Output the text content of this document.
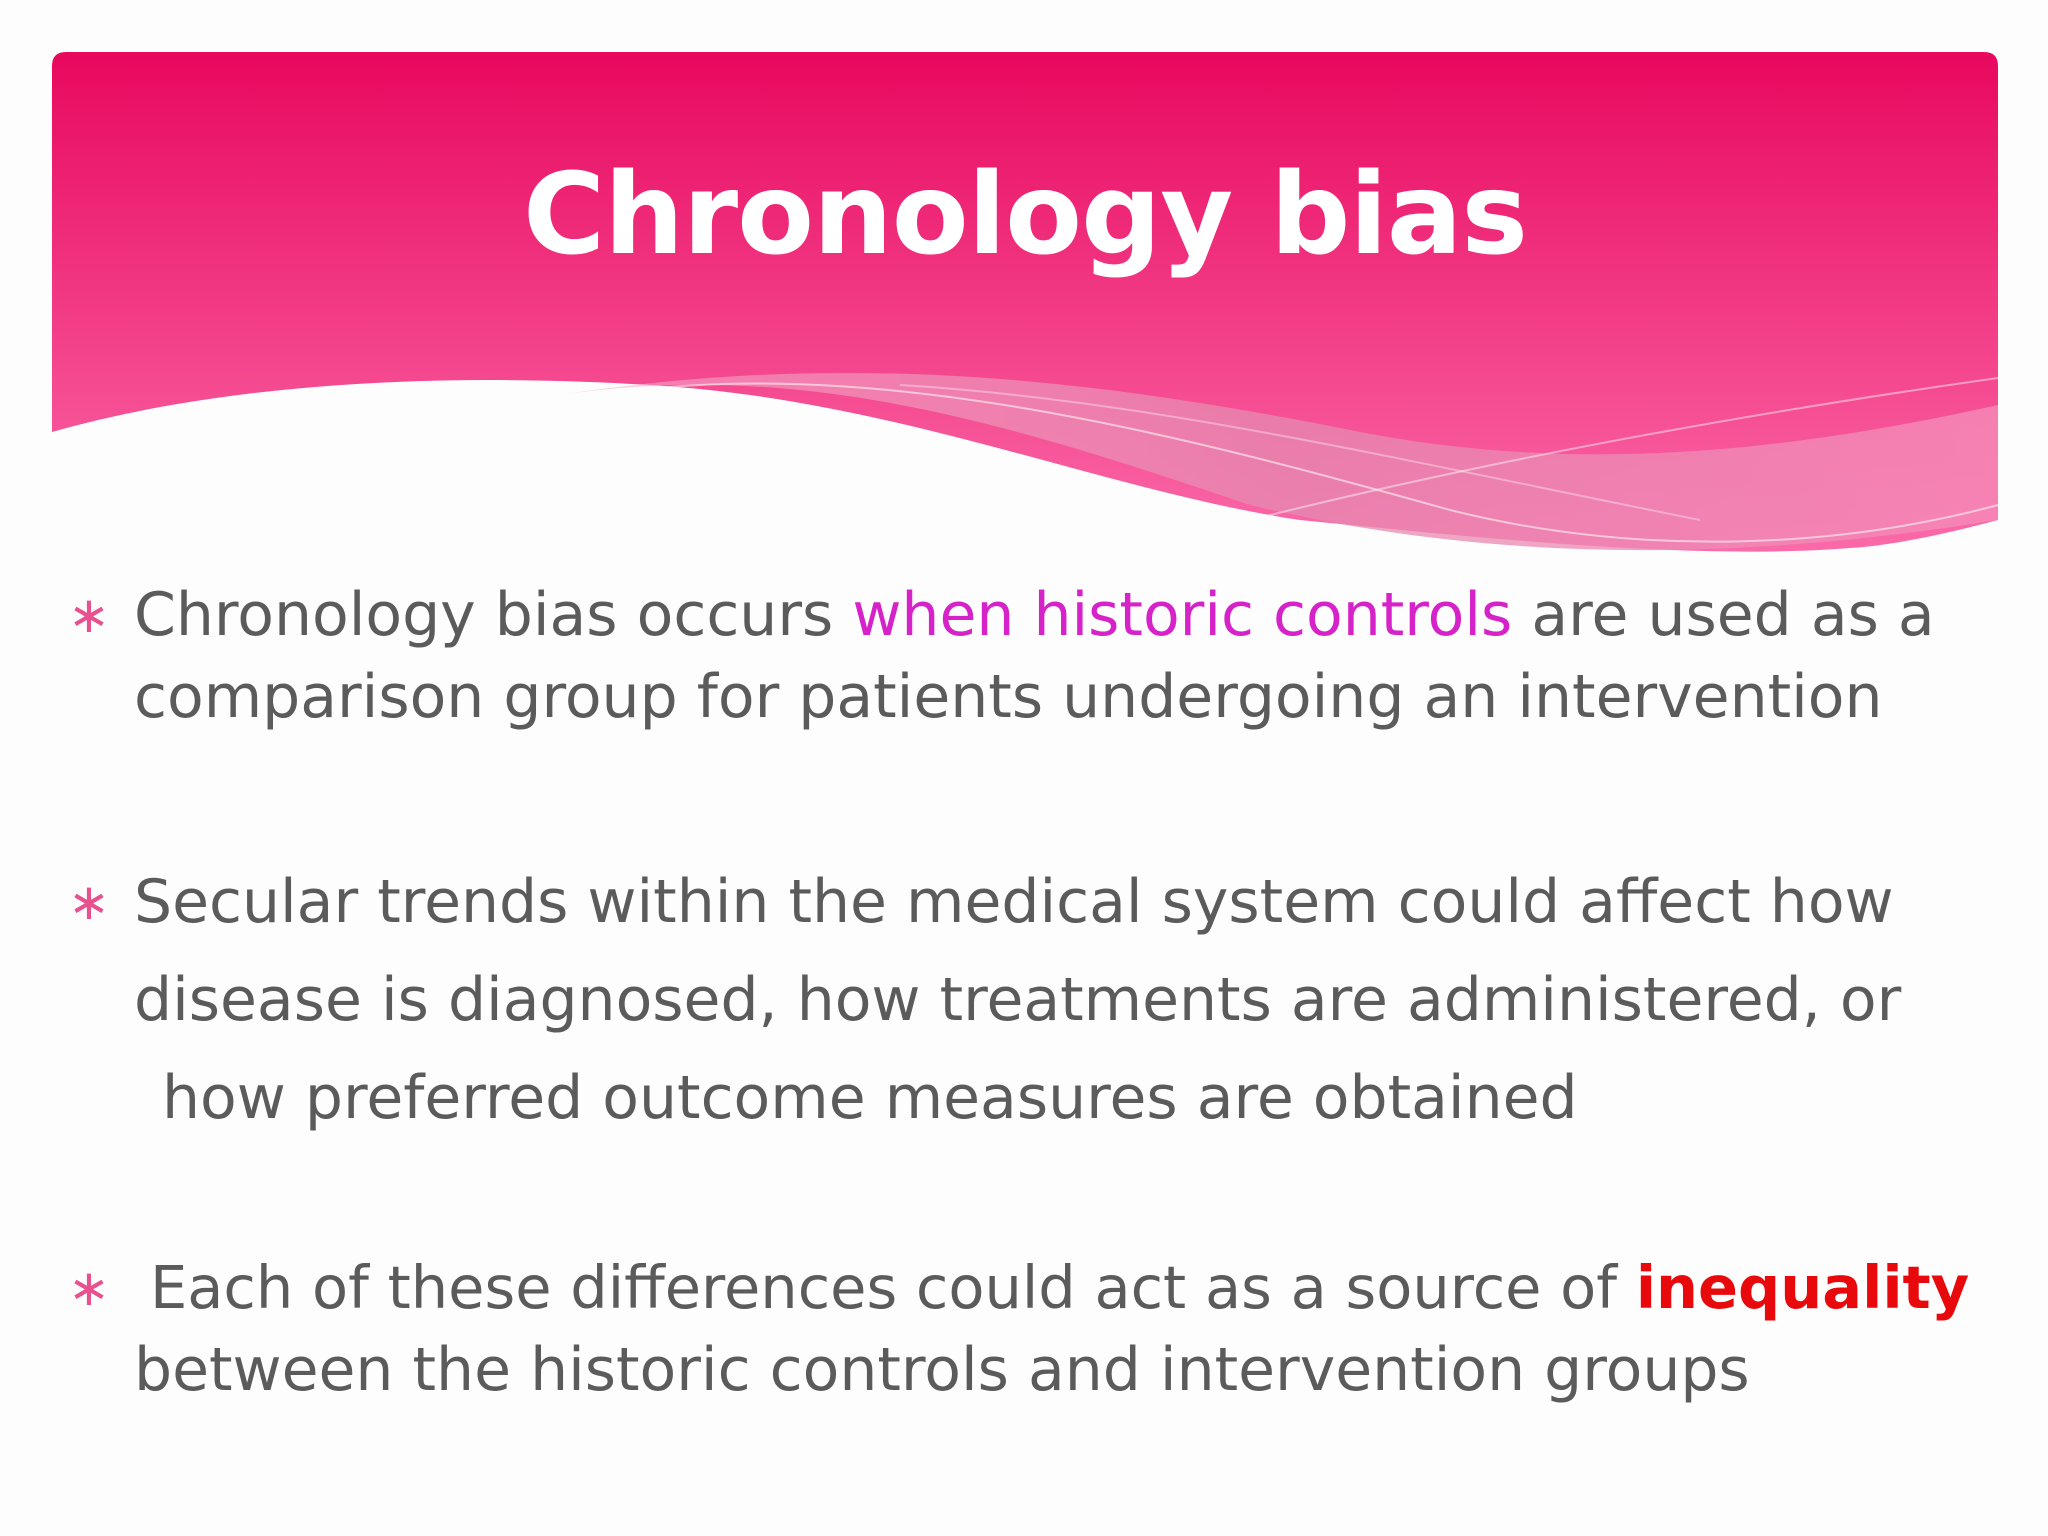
Chronology bias
∗ Chronology bias occurs when historic controls are used as a
comparison group for patients undergoing an intervention
∗ Secular trends within the medical system could affect how
disease is diagnosed, how treatments are administered, or
how preferred outcome measures are obtained
∗ Each of these differences could act as a source of inequality
between the historic controls and intervention groups
